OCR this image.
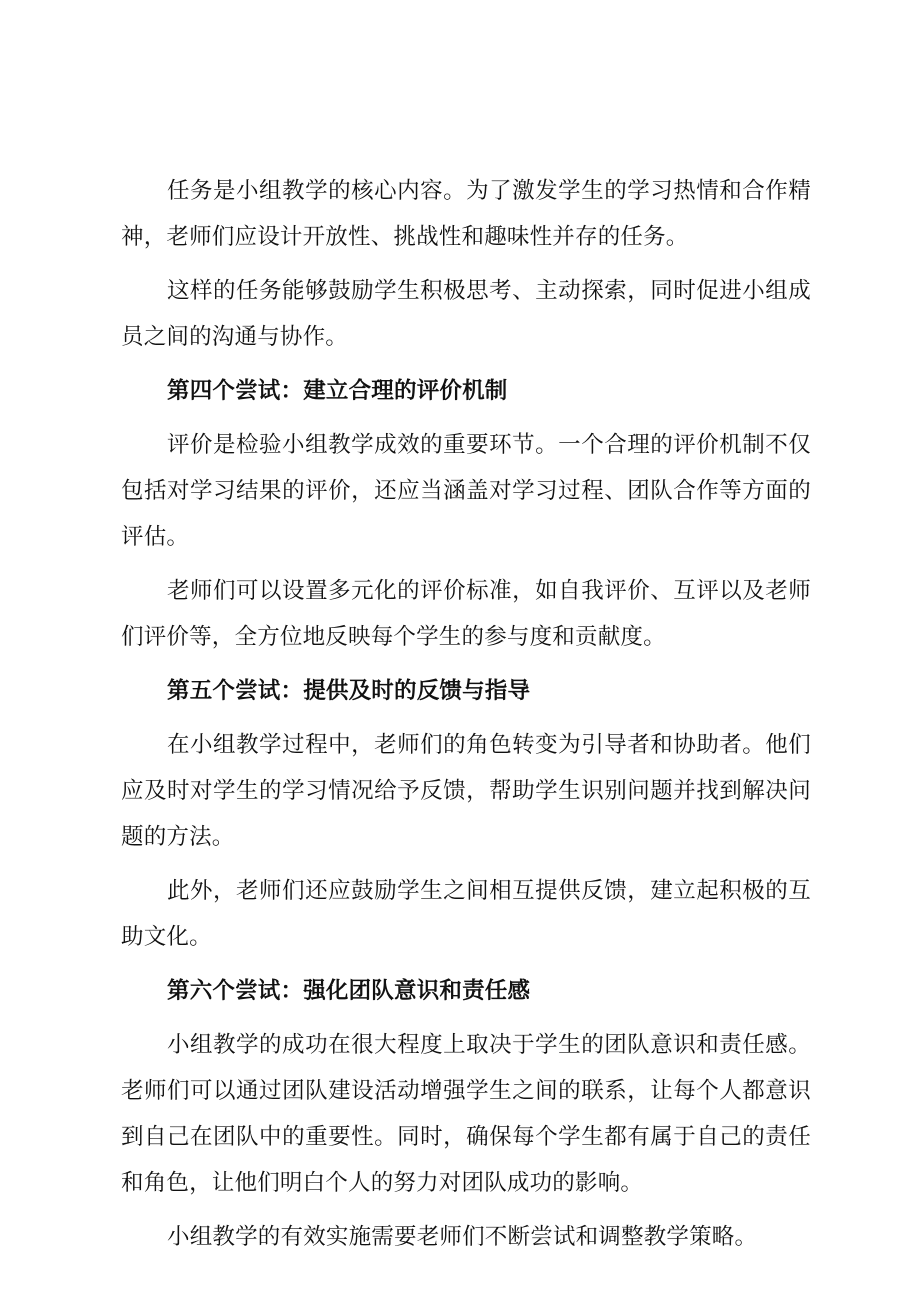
任务是小组教学的核心内容。为了激发学生的学习热情和合作精神，老师们应设计开放性、挑战性和趣味性并存的任务。

这样的任务能够鼓励学生积极思考、主动探索，同时促进小组成员之间的沟通与协作。

第四个尝试：建立合理的评价机制

评价是检验小组教学成效的重要环节。一个合理的评价机制不仅包括对学习结果的评价，还应当涵盖对学习过程、团队合作等方面的评估。

老师们可以设置多元化的评价标准，如自我评价、互评以及老师们评价等，全方位地反映每个学生的参与度和贡献度。

第五个尝试：提供及时的反馈与指导

在小组教学过程中，老师们的角色转变为引导者和协助者。他们应及时对学生的学习情况给予反馈，帮助学生识别问题并找到解决问题的方法。

此外，老师们还应鼓励学生之间相互提供反馈，建立起积极的互助文化。

第六个尝试：强化团队意识和责任感

小组教学的成功在很大程度上取决于学生的团队意识和责任感。老师们可以通过团队建设活动增强学生之间的联系，让每个人都意识到自己在团队中的重要性。同时，确保每个学生都有属于自己的责任和角色，让他们明白个人的努力对团队成功的影响。

小组教学的有效实施需要老师们不断尝试和调整教学策略。
